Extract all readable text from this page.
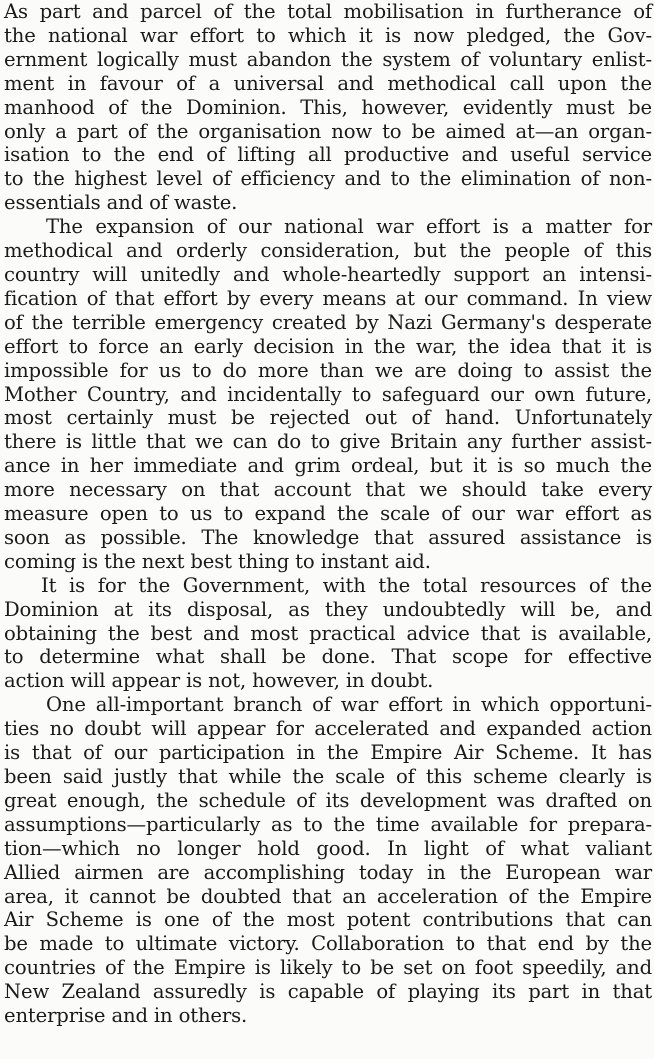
As part and parcel of the total mobilisation in furtherance of
the national war effort to which it is now pledged, the Gov-
ernment logically must abandon the system of voluntary enlist-
ment in favour of a universal and methodical call upon the
manhood of the Dominion. This, however, evidently must be
only a part of the organisation now to be aimed at—an organ-
isation to the end of lifting all productive and useful service
to the highest level of efficiency and to the elimination of non-
essentials and of waste.

The expansion of our national war effort is a matter for
methodical and orderly consideration, but the people of this
country will unitedly and whole-heartedly support an intensi-
fication of that effort by every means at our command. In view
of the terrible emergency created by Nazi Germany's desperate
effort to force an early decision in the war, the idea that it is
impossible for us to do more than we are doing to assist the
Mother Country, and incidentally to safeguard our own future,
most certainly must be rejected out of hand. Unfortunately
there is little that we can do to give Britain any further assist-
ance in her immediate and grim ordeal, but it is so much the
more necessary on that account that we should take every
measure open to us to expand the scale of our war effort as
soon as possible. The knowledge that assured assistance is
coming is the next best thing to instant aid.

It is for the Government, with the total resources of the
Dominion at its disposal, as they undoubtedly will be, and
obtaining the best and most practical advice that is available,
to determine what shall be done. That scope for effective
action will appear is not, however, in doubt.

One all-important branch of war effort in which opportuni-
ties no doubt will appear for accelerated and expanded action
is that of our participation in the Empire Air Scheme. It has
been said justly that while the scale of this scheme clearly is
great enough, the schedule of its development was drafted on
assumptions—particularly as to the time available for prepara-
tion—which no longer hold good. In light of what valiant
Allied airmen are accomplishing today in the European war
area, it cannot be doubted that an acceleration of the Empire
Air Scheme is one of the most potent contributions that can
be made to ultimate victory. Collaboration to that end by the
countries of the Empire is likely to be set on foot speedily, and
New Zealand assuredly is capable of playing its part in that
enterprise and in others.
